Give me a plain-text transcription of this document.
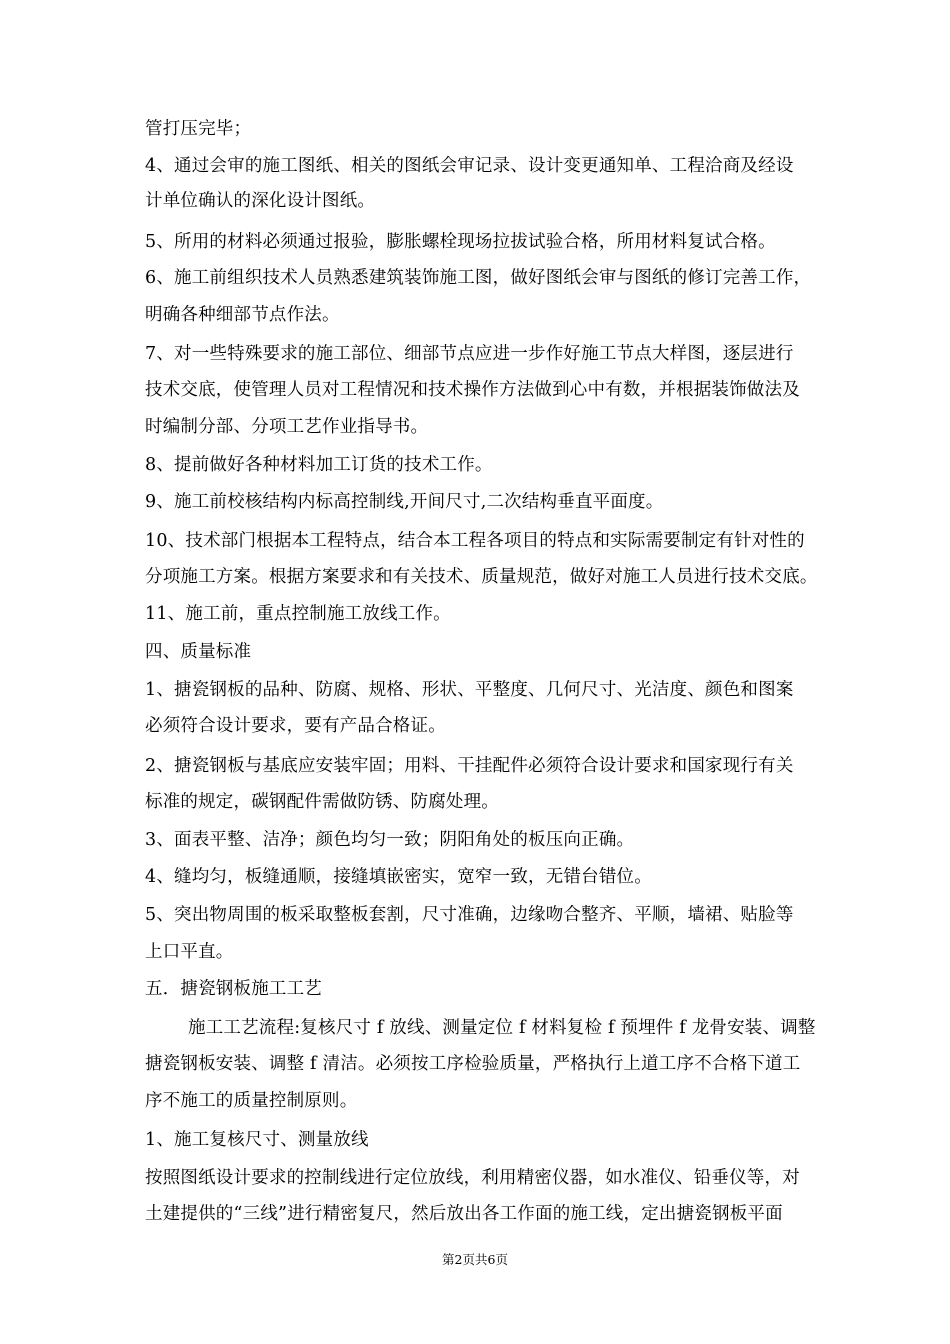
管打压完毕；
4、通过会审的施工图纸、相关的图纸会审记录、设计变更通知单、工程洽商及经设
计单位确认的深化设计图纸。
5、所用的材料必须通过报验，膨胀螺栓现场拉拔试验合格，所用材料复试合格。
6、施工前组织技术人员熟悉建筑装饰施工图，做好图纸会审与图纸的修订完善工作，
明确各种细部节点作法。
7、对一些特殊要求的施工部位、细部节点应进一步作好施工节点大样图，逐层进行
技术交底，使管理人员对工程情况和技术操作方法做到心中有数，并根据装饰做法及
时编制分部、分项工艺作业指导书。
8、提前做好各种材料加工订货的技术工作。
9、施工前校核结构内标高控制线,开间尺寸,二次结构垂直平面度。
10、技术部门根据本工程特点，结合本工程各项目的特点和实际需要制定有针对性的
分项施工方案。根据方案要求和有关技术、质量规范，做好对施工人员进行技术交底。
11、施工前，重点控制施工放线工作。
四、质量标准
1、搪瓷钢板的品种、防腐、规格、形状、平整度、几何尺寸、光洁度、颜色和图案
必须符合设计要求，要有产品合格证。
2、搪瓷钢板与基底应安装牢固；用料、干挂配件必须符合设计要求和国家现行有关
标准的规定，碳钢配件需做防锈、防腐处理。
3、面表平整、洁净；颜色均匀一致；阴阳角处的板压向正确。
4、缝均匀，板缝通顺，接缝填嵌密实，宽窄一致，无错台错位。
5、突出物周围的板采取整板套割，尺寸准确，边缘吻合整齐、平顺，墙裙、贴脸等
上口平直。
五．搪瓷钢板施工工艺
施工工艺流程:复核尺寸 f 放线、测量定位 f 材料复检 f 预埋件 f 龙骨安装、调整
搪瓷钢板安装、调整 f 清洁。必须按工序检验质量，严格执行上道工序不合格下道工
序不施工的质量控制原则。
1、施工复核尺寸、测量放线
按照图纸设计要求的控制线进行定位放线，利用精密仪器，如水准仪、铅垂仪等，对
土建提供的“三线”进行精密复尺，然后放出各工作面的施工线，定出搪瓷钢板平面
第2页共6页
